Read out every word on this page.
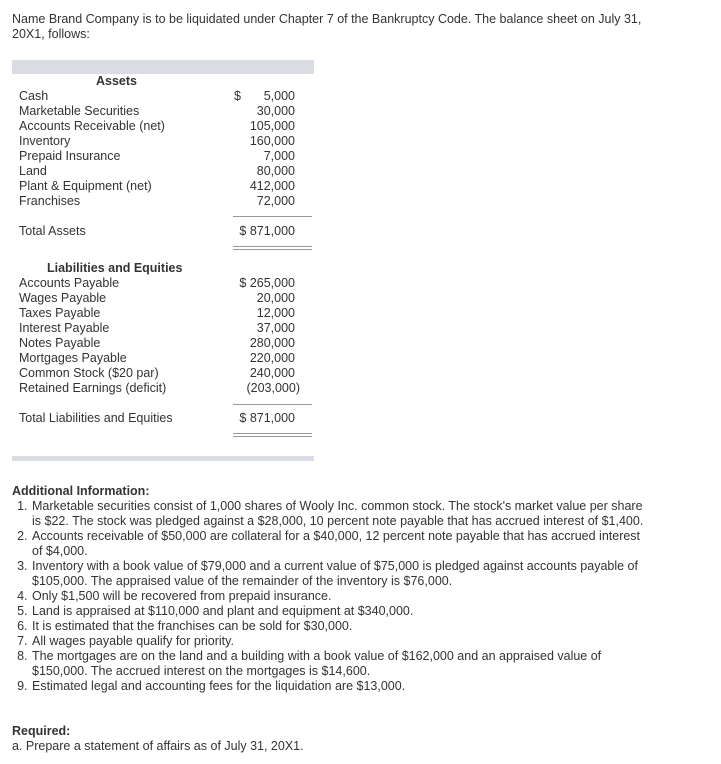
Name Brand Company is to be liquidated under Chapter 7 of the Bankruptcy Code. The balance sheet on July 31, 20X1, follows:
Assets
Cash	$ 5,000
Marketable Securities	30,000
Accounts Receivable (net)	105,000
Inventory	160,000
Prepaid Insurance	7,000
Land	80,000
Plant & Equipment (net)	412,000
Franchises	72,000
Total Assets	$ 871,000
Liabilities and Equities
Accounts Payable	$ 265,000
Wages Payable	20,000
Taxes Payable	12,000
Interest Payable	37,000
Notes Payable	280,000
Mortgages Payable	220,000
Common Stock ($20 par)	240,000
Retained Earnings (deficit)	(203,000)
Total Liabilities and Equities	$ 871,000
Additional Information:
1. Marketable securities consist of 1,000 shares of Wooly Inc. common stock. The stock's market value per share is $22. The stock was pledged against a $28,000, 10 percent note payable that has accrued interest of $1,400.
2. Accounts receivable of $50,000 are collateral for a $40,000, 12 percent note payable that has accrued interest of $4,000.
3. Inventory with a book value of $79,000 and a current value of $75,000 is pledged against accounts payable of $105,000. The appraised value of the remainder of the inventory is $76,000.
4. Only $1,500 will be recovered from prepaid insurance.
5. Land is appraised at $110,000 and plant and equipment at $340,000.
6. It is estimated that the franchises can be sold for $30,000.
7. All wages payable qualify for priority.
8. The mortgages are on the land and a building with a book value of $162,000 and an appraised value of $150,000. The accrued interest on the mortgages is $14,600.
9. Estimated legal and accounting fees for the liquidation are $13,000.
Required:
a. Prepare a statement of affairs as of July 31, 20X1.
